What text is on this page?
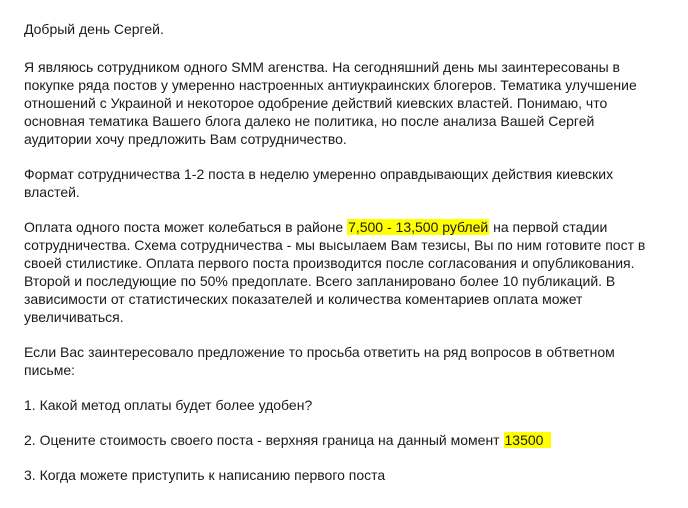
Добрый день Сергей.

Я являюсь сотрудником одного SMM агенства. На сегодняшний день мы заинтересованы в покупке ряда постов у умеренно настроенных антиукраинских блогеров. Тематика улучшение отношений с Украиной и некоторое одобрение действий киевских властей. Понимаю, что основная тематика Вашего блога далеко не политика, но после анализа Вашей Сергей аудитории хочу предложить Вам сотрудничество.

Формат сотрудничества 1-2 поста в неделю умеренно оправдывающих действия киевских властей.

Оплата одного поста может колебаться в районе 7,500 - 13,500 рублей на первой стадии сотрудничества. Схема сотрудничества - мы высылаем Вам тезисы, Вы по ним готовите пост в своей стилистике. Оплата первого поста производится после согласования и опубликования. Второй и последующие по 50% предоплате. Всего запланировано более 10 публикаций. В зависимости от статистических показателей и количества коментариев оплата может увеличиваться.

Если Вас заинтересовало предложение то просьба ответить на ряд вопросов в обтветном письме:

1. Какой метод оплаты будет более удобен?

2. Оцените стоимость своего поста - верхняя граница на данный момент 13500

3. Когда можете приступить к написанию первого поста
